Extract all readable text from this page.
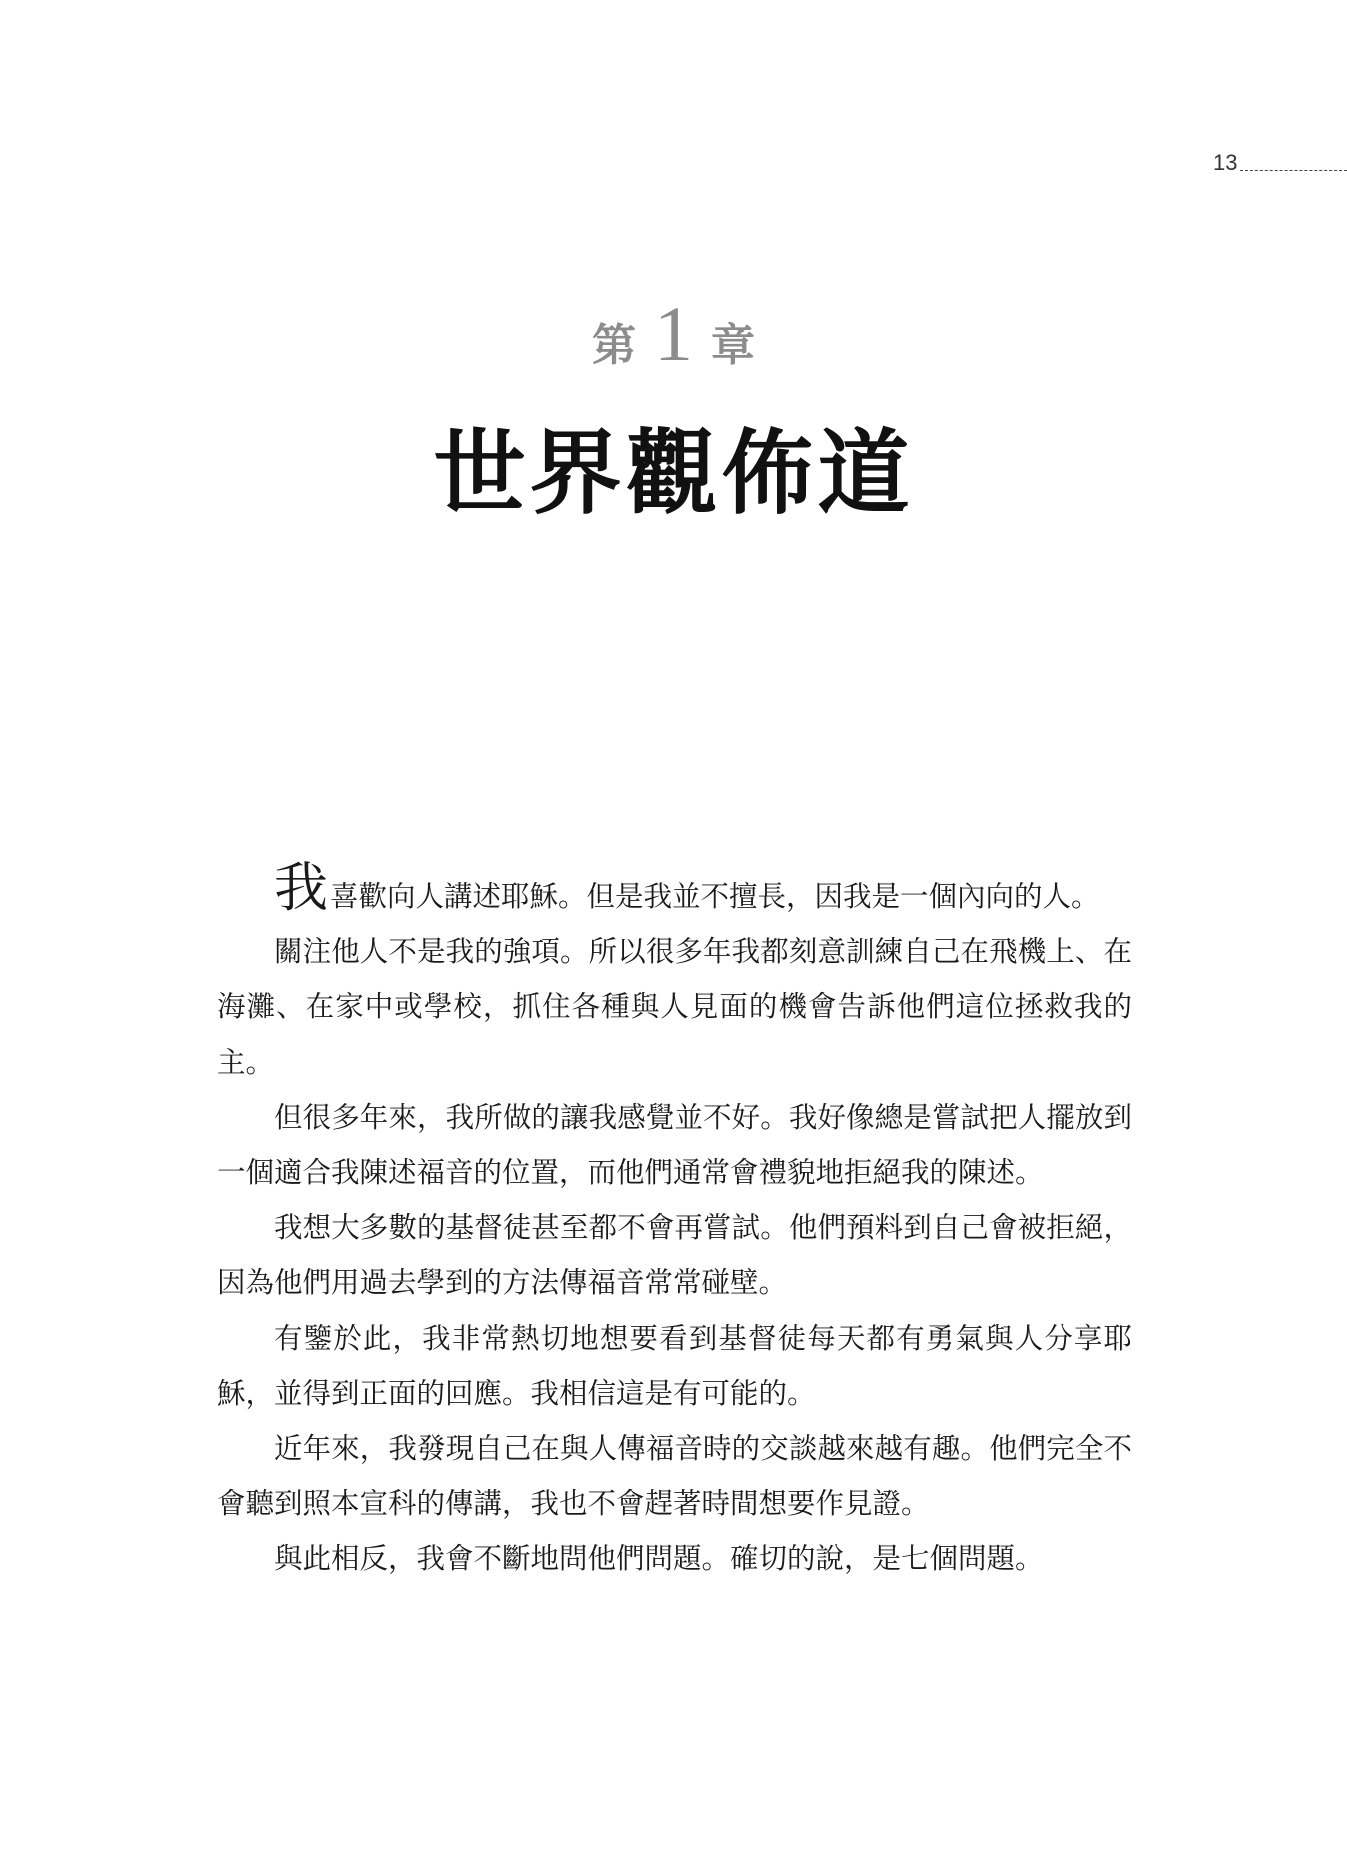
13
第 1 章
世界觀佈道

我喜歡向人講述耶穌。但是我並不擅長，因我是一個內向的人。

關注他人不是我的強項。所以很多年我都刻意訓練自己在飛機上、在海灘、在家中或學校，抓住各種與人見面的機會告訴他們這位拯救我的主。

但很多年來，我所做的讓我感覺並不好。我好像總是嘗試把人擺放到一個適合我陳述福音的位置，而他們通常會禮貌地拒絕我的陳述。

我想大多數的基督徒甚至都不會再嘗試。他們預料到自己會被拒絕，因為他們用過去學到的方法傳福音常常碰壁。

有鑒於此，我非常熱切地想要看到基督徒每天都有勇氣與人分享耶穌，並得到正面的回應。我相信這是有可能的。

近年來，我發現自己在與人傳福音時的交談越來越有趣。他們完全不會聽到照本宣科的傳講，我也不會趕著時間想要作見證。

與此相反，我會不斷地問他們問題。確切的說，是七個問題。
